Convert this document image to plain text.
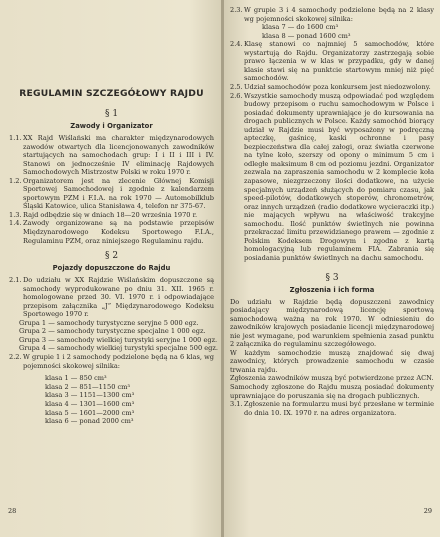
REGULAMIN SZCZEGÓŁOWY RAJDU
§ 1
Zawody i Organizator
1.1. XX Rajd Wiślański ma charakter międzynarodowych zawodów otwartych dla licencjonowanych zawodników startujących na samochodach grup: I i II i III i IV. Stanowi on jednocześnie IV eliminację Rajdowych Samochodowych Mistrzostw Polski w roku 1970 r.
1.2. Organizatorem jest na zlecenie Głównej Komisji Sportowej Samochodowej i zgodnie z kalendarzem sportowym PZM i F.I.A. na rok 1970 — Automobilklub Śląski Katowice, ulica Stanisława 4, telefon nr 375-67.
1.3. Rajd odbędzie się w dniach 18—20 września 1970 r.
1.4. Zawody organizowane są na podstawie przepisów Międzynarodowego Kodeksu Sportowego F.I.A., Regulaminu PZM, oraz niniejszego Regulaminu rajdu.
§ 2
Pojazdy dopuszczone do Rajdu
2.1. Do udziału w XX Rajdzie Wiślańskim dopuszczone są samochody wyprodukowane po dniu 31. XII. 1965 r. homologowane przed 30. VI. 1970 r. i odpowiadające przepisom załącznika „J” Międzynarodowego Kodeksu Sportowego 1970 r.
Grupa 1 — samochody turystyczne seryjne 5 000 egz.
Grupa 2 — samochody turystyczne specjalne 1 000 egz.
Grupa 3 — samochody wielkiej turystyki seryjne 1 000 egz.
Grupa 4 — samochody wielkiej turystyki specjalne 500 egz.
2.2. W grupie 1 i 2 samochody podzielone będą na 6 klas, wg pojemności skokowej silnika:
klasa 1 — 850 cm³
klasa 2 — 851—1150 cm³
klasa 3 — 1151—1300 cm³
klasa 4 — 1301—1600 cm³
klasa 5 — 1601—2000 cm³
klasa 6 — ponad 2000 cm³
28
2.3. W grupie 3 i 4 samochody podzielone będą na 2 klasy wg pojemności skokowej silnika:
klasa 7 — do 1600 cm³
klasa 8 — ponad 1600 cm³
2.4. Klasę stanowi co najmniej 5 samochodów, które wystartują do Rajdu. Organizatorzy zastrzegają sobie prawo łączenia w w klas w przypadku, gdy w danej klasie stawi się na punktcie startowym mniej niż pięć samochodów.
2.5. Udział samochodów poza konkursem jest niedozwolony.
2.6. Wszystkie samochody muszą odpowiadać pod względem budowy przepisom o ruchu samochodowym w Polsce i posiadać dokumenty uprawniające je do kursowania na drogach publicznych w Polsce. Każdy samochód biorący udział w Rajdzie musi być wyposażony w podręczną apteczkę, gaśnicę, kaski ochronne i pasy bezpieczeństwa dla całej załogi, oraz światła czerwone na tylne koło, szerszy od opony o minimum 5 cm i odległe maksimum 8 cm od poziomu jezdni. Organizator zezwala na zapraszenia samochodu w 2 komplecie koła zapasowe, niezgrzeczony ilości dodatkowe, na użycie specjalnych urządzeń służących do pomiaru czasu, jak speed-pilotów, dodatkowych stoperów, chronometrów, oraz innych urządzeń (radio dodatkowe wycieraczki itp.) nie mających wpływu na właściwość trakcyjne samochodu. Ilość punktów świetlnych nie powinna przekraczać limitu przewidzianego prawem — zgodnie z Polskim Kodeksem Drogowym i zgodne z kartą homologacyjną lub regulaminem FIA. Zabrania się posiadania punktów świetlnych na dachu samochodu.
§ 3
Zgłoszenia i ich forma
Do udziału w Rajdzie będą dopuszczeni zawodnicy posiadający międzynarodową licencję sportową samochodową ważną na rok 1970. W odniesieniu do zawodników krajowych posiadanie licencji międzynarodowej nie jest wymagane, pod warunkiem spełnienia zasad punktu 2 załącznika do regulaminu szczegółowego.
W każdym samochodzie muszą znajdować się dwaj zawodnicy, których prowadzenie samochodu w czasie trwania rajdu.
Zgłoszenia zawodników muszą być potwierdzone przez ACN.
Samochody zgłoszone do Rajdu muszą posiadać dokumenty uprawniające do poruszania się na drogach publicznych.
3.1. Zgłoszenie na formularzu musi być przesłane w terminie do dnia 10. IX. 1970 r. na adres organizatora.
29
